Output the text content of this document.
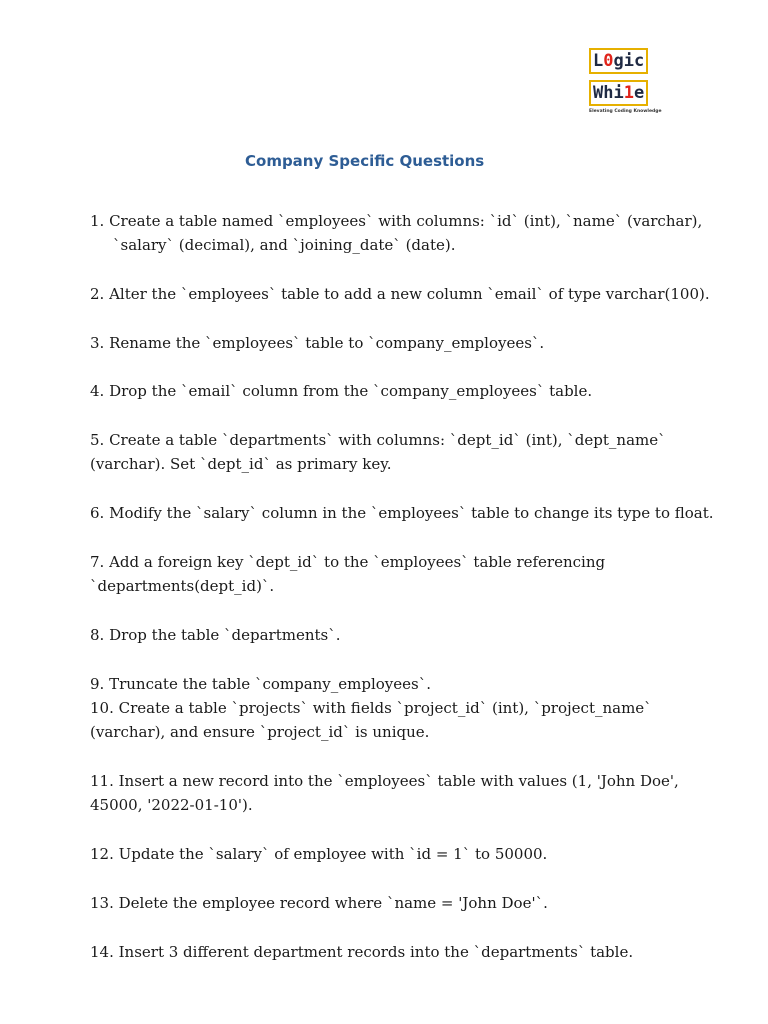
L0gic
Whi1e
Elevating Coding Knowledge
Company Specific Questions

1. Create a table named `employees` with columns: `id` (int), `name` (varchar), `salary` (decimal), and `joining_date` (date).

2. Alter the `employees` table to add a new column `email` of type varchar(100).

3. Rename the `employees` table to `company_employees`.

4. Drop the `email` column from the `company_employees` table.

5. Create a table `departments` with columns: `dept_id` (int), `dept_name` (varchar). Set `dept_id` as primary key.

6. Modify the `salary` column in the `employees` table to change its type to float.

7. Add a foreign key `dept_id` to the `employees` table referencing `departments(dept_id)`.

8. Drop the table `departments`.

9. Truncate the table `company_employees`.

10. Create a table `projects` with fields `project_id` (int), `project_name` (varchar), and ensure `project_id` is unique.

11. Insert a new record into the `employees` table with values (1, 'John Doe', 45000, '2022-01-10').

12. Update the `salary` of employee with `id = 1` to 50000.

13. Delete the employee record where `name = 'John Doe'`.

14. Insert 3 different department records into the `departments` table.
